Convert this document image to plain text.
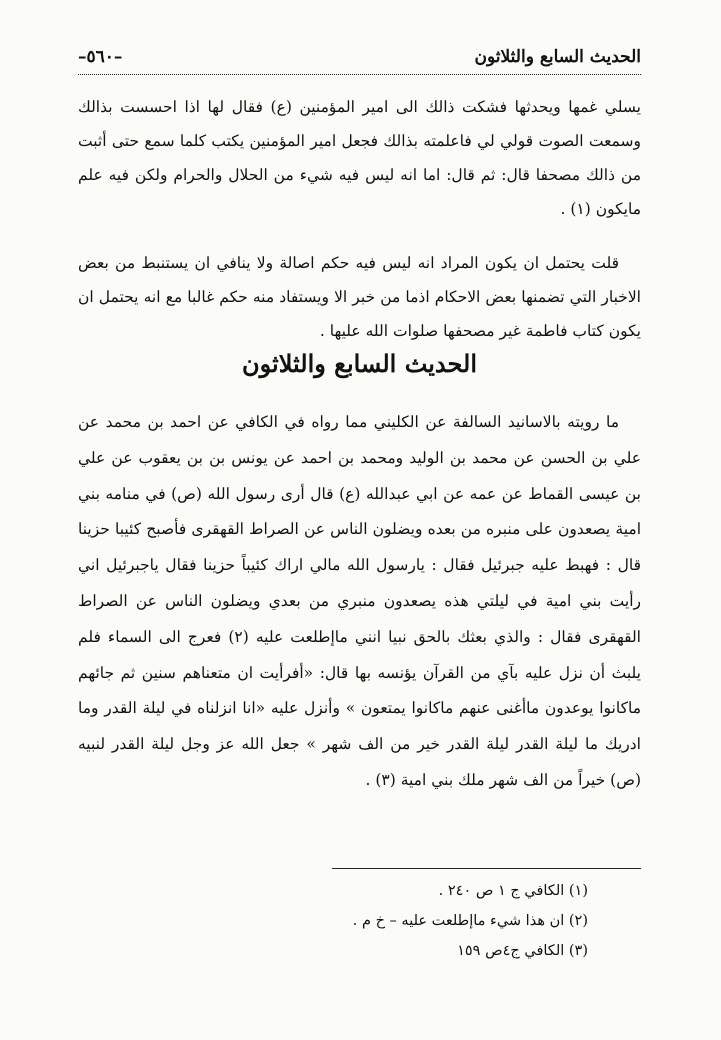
الحديث السابع والثلاثون
–٥٦٠–

يسلي غمها ويحدثها فشكت ذالك الى امير المؤمنين (ع) فقال لها اذا احسست بذالك وسمعت الصوت قولي لي فاعلمته بذالك فجعل امير المؤمنين يكتب كلما سمع حتى أثبت من ذالك مصحفا قال: ثم قال: اما انه ليس فيه شيء من الحلال والحرام ولكن فيه علم مايكون (١) .

قلت يحتمل ان يكون المراد انه ليس فيه حكم اصالة ولا ينافي ان يستنبط من بعض الاخبار التي تضمنها بعض الاحكام اذما من خبر الا ويستفاد منه حكم غالبا مع انه يحتمل ان يكون كتاب فاطمة غير مصحفها صلوات الله عليها .

الحديث السابع والثلاثون

ما رويته بالاسانيد السالفة عن الكليني مما رواه في الكافي عن احمد بن محمد عن علي بن الحسن عن محمد بن الوليد ومحمد بن احمد عن يونس بن بن يعقوب عن علي بن عيسى القماط عن عمه عن ابي عبدالله (ع) قال أرى رسول الله (ص) في منامه بني امية يصعدون على منبره من بعده ويضلون الناس عن الصراط القهقرى فأصبح كئيبا حزينا قال : فهبط عليه جبرئيل فقال : يارسول الله مالي اراك كئيباً حزينا فقال ياجبرئيل اني رأيت بني امية في ليلتي هذه يصعدون منبري من بعدي ويضلون الناس عن الصراط القهقرى فقال : والذي بعثك بالحق نبيا انني ماإطلعت عليه (٢) فعرج الى السماء فلم يلبث أن نزل عليه بآي من القرآن يؤنسه بها قال: «أفرأيت ان متعناهم سنين ثم جائهم ماكانوا يوعدون ماأغنى عنهم ماكانوا يمتعون » وأنزل عليه «انا انزلناه في ليلة القدر وما ادريك ما ليلة القدر ليلة القدر خير من الف شهر » جعل الله عز وجل ليلة القدر لنبيه (ص) خيراً من الف شهر ملك بني امية (٣) .

(١) الكافي ج ١ ص ٢٤٠ .
(٢) ان هذا شيء ماإطلعت عليه – خ م .
(٣) الكافي ج٤ص ١٥٩
